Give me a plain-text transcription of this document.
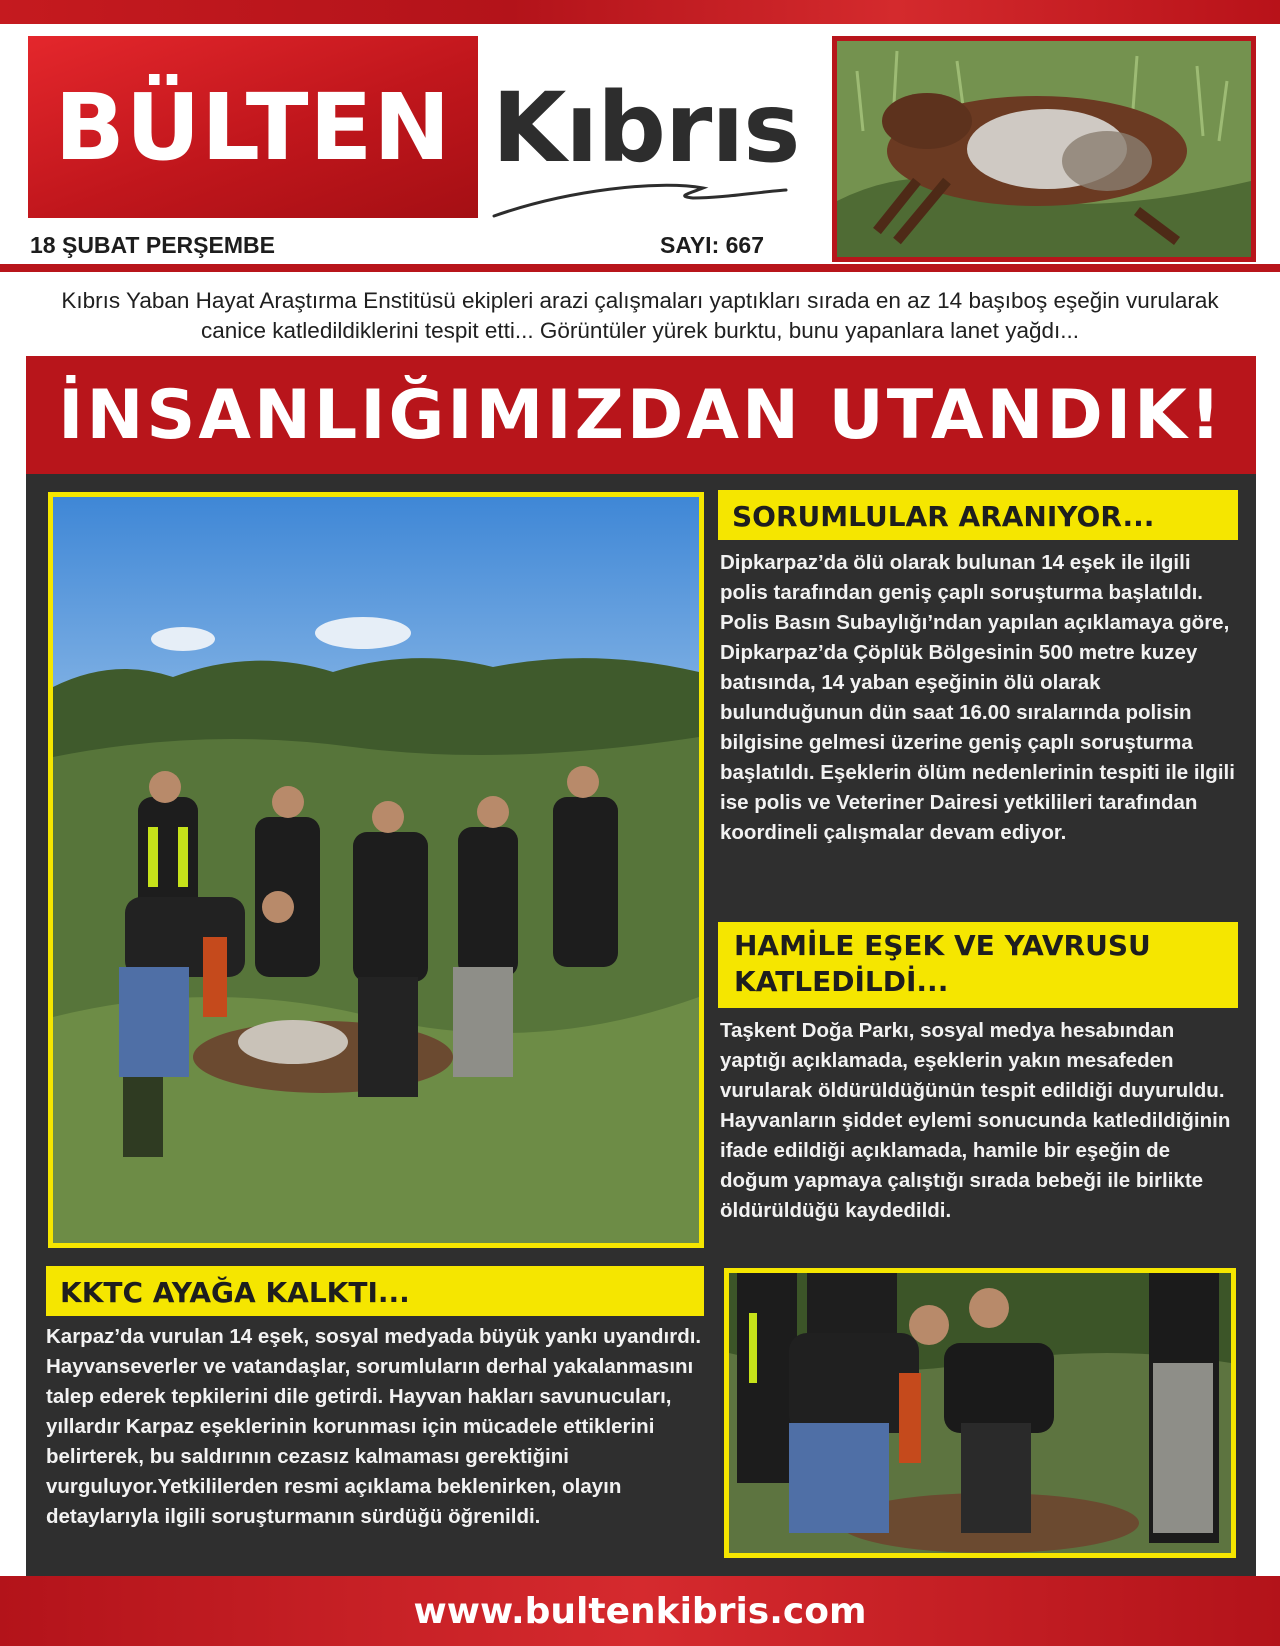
BÜLTEN Kıbrıs
18 ŞUBAT PERŞEMBE	SAYI: 667
Kıbrıs Yaban Hayat Araştırma Enstitüsü ekipleri arazi çalışmaları yaptıkları sırada en az 14 başıboş eşeğin vurularak canice katledildiklerini tespit etti... Görüntüler yürek burktu, bunu yapanlara lanet yağdı...
İNSANLIĞIMIZDAN UTANDIK!
SORUMLULAR ARANIYOR...
Dipkarpaz’da ölü olarak bulunan 14 eşek ile ilgili polis tarafından geniş çaplı soruşturma başlatıldı. Polis Basın Subaylığı’ndan yapılan açıklamaya göre, Dipkarpaz’da Çöplük Bölgesinin 500 metre kuzey batısında, 14 yaban eşeğinin ölü olarak bulunduğunun dün saat 16.00 sıralarında polisin bilgisine gelmesi üzerine geniş çaplı soruşturma başlatıldı. Eşeklerin ölüm nedenlerinin tespiti ile ilgili ise polis ve Veteriner Dairesi yetkilileri tarafından koordineli çalışmalar devam ediyor.
HAMİLE EŞEK VE YAVRUSU KATLEDİLDİ...
Taşkent Doğa Parkı, sosyal medya hesabından yaptığı açıklamada, eşeklerin yakın mesafeden vurularak öldürüldüğünün tespit edildiği duyuruldu. Hayvanların şiddet eylemi sonucunda katledildiğinin ifade edildiği açıklamada, hamile bir eşeğin de doğum yapmaya çalıştığı sırada bebeği ile birlikte öldürüldüğü kaydedildi.
KKTC AYAĞA KALKTI...
Karpaz’da vurulan 14 eşek, sosyal medyada büyük yankı uyandırdı. Hayvanseverler ve vatandaşlar, sorumluların derhal yakalanmasını talep ederek tepkilerini dile getirdi. Hayvan hakları savunucuları, yıllardır Karpaz eşeklerinin korunması için mücadele ettiklerini belirterek, bu saldırının cezasız kalmaması gerektiğini vurguluyor.Yetkililerden resmi açıklama beklenirken, olayın detaylarıyla ilgili soruşturmanın sürdüğü öğrenildi.
www.bultenkibris.com
